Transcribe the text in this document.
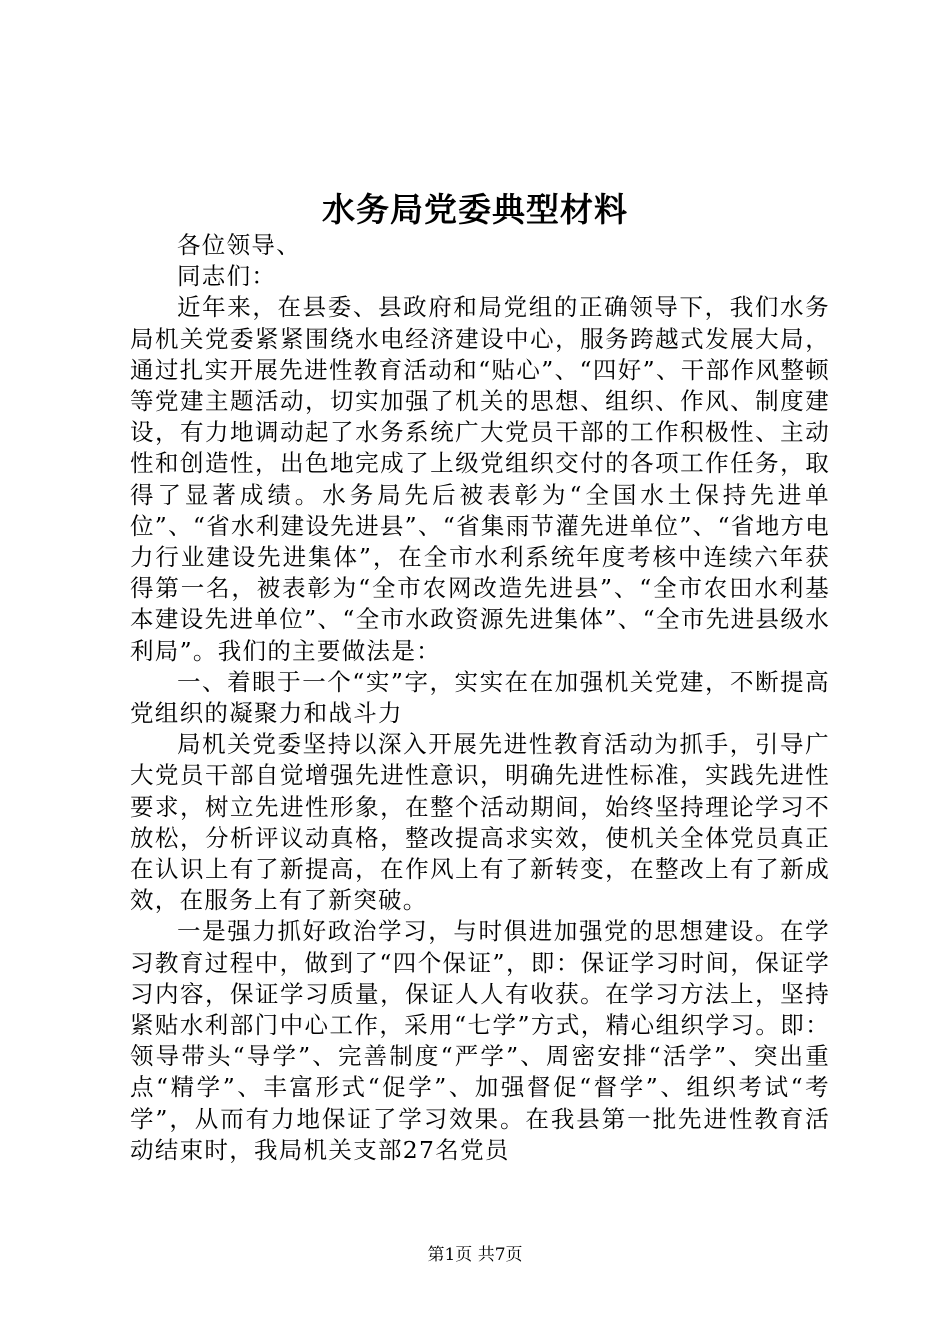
水务局党委典型材料

各位领导、

同志们：

近年来，在县委、县政府和局党组的正确领导下，我们水务局机关党委紧紧围绕水电经济建设中心，服务跨越式发展大局，通过扎实开展先进性教育活动和“贴心”、“四好”、干部作风整顿等党建主题活动，切实加强了机关的思想、组织、作风、制度建设，有力地调动起了水务系统广大党员干部的工作积极性、主动性和创造性，出色地完成了上级党组织交付的各项工作任务，取得了显著成绩。水务局先后被表彰为“全国水土保持先进单位”、“省水利建设先进县”、“省集雨节灌先进单位”、“省地方电力行业建设先进集体”，在全市水利系统年度考核中连续六年获得第一名，被表彰为“全市农网改造先进县”、“全市农田水利基本建设先进单位”、“全市水政资源先进集体”、“全市先进县级水利局”。我们的主要做法是：

一、着眼于一个“实”字，实实在在加强机关党建，不断提高党组织的凝聚力和战斗力

局机关党委坚持以深入开展先进性教育活动为抓手，引导广大党员干部自觉增强先进性意识，明确先进性标准，实践先进性要求，树立先进性形象，在整个活动期间，始终坚持理论学习不放松，分析评议动真格，整改提高求实效，使机关全体党员真正在认识上有了新提高，在作风上有了新转变，在整改上有了新成效，在服务上有了新突破。

一是强力抓好政治学习，与时俱进加强党的思想建设。在学习教育过程中，做到了“四个保证”，即：保证学习时间，保证学习内容，保证学习质量，保证人人有收获。在学习方法上，坚持紧贴水利部门中心工作，采用“七学”方式，精心组织学习。即：领导带头“导学”、完善制度“严学”、周密安排“活学”、突出重点“精学”、丰富形式“促学”、加强督促“督学”、组织考试“考学”，从而有力地保证了学习效果。在我县第一批先进性教育活动结束时，我局机关支部27名党员

第1页 共7页
